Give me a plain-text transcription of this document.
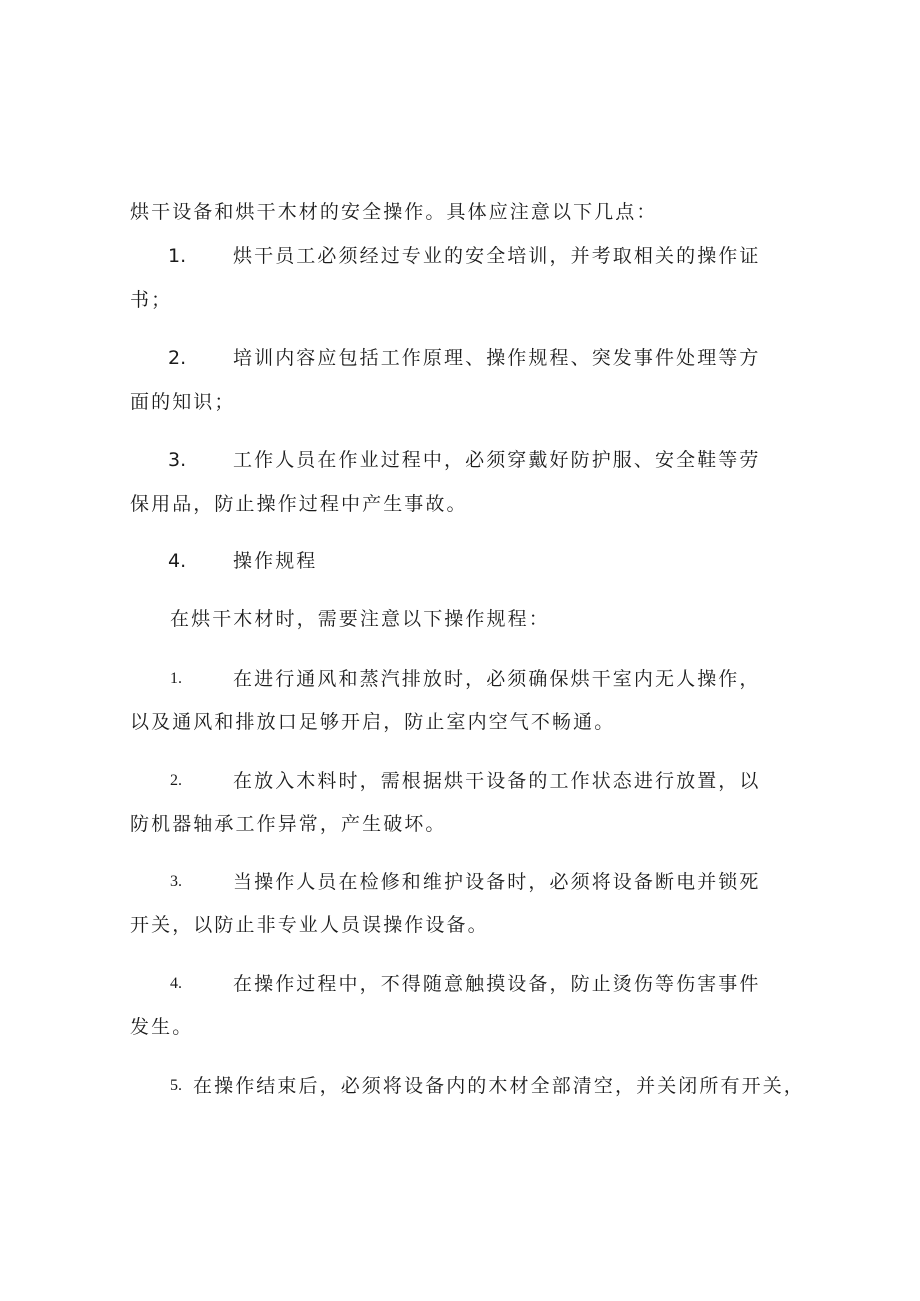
烘干设备和烘干木材的安全操作。具体应注意以下几点：
1. 烘干员工必须经过专业的安全培训，并考取相关的操作证
书；
2. 培训内容应包括工作原理、操作规程、突发事件处理等方
面的知识；
3. 工作人员在作业过程中，必须穿戴好防护服、安全鞋等劳
保用品，防止操作过程中产生事故。
4. 操作规程
在烘干木材时，需要注意以下操作规程：
1.	在进行通风和蒸汽排放时，必须确保烘干室内无人操作，
以及通风和排放口足够开启，防止室内空气不畅通。
2.	在放入木料时，需根据烘干设备的工作状态进行放置，以
防机器轴承工作异常，产生破坏。
3.	当操作人员在检修和维护设备时，必须将设备断电并锁死
开关，以防止非专业人员误操作设备。
4.	在操作过程中，不得随意触摸设备，防止烫伤等伤害事件
发生。
5. 在操作结束后，必须将设备内的木材全部清空，并关闭所有开关，
